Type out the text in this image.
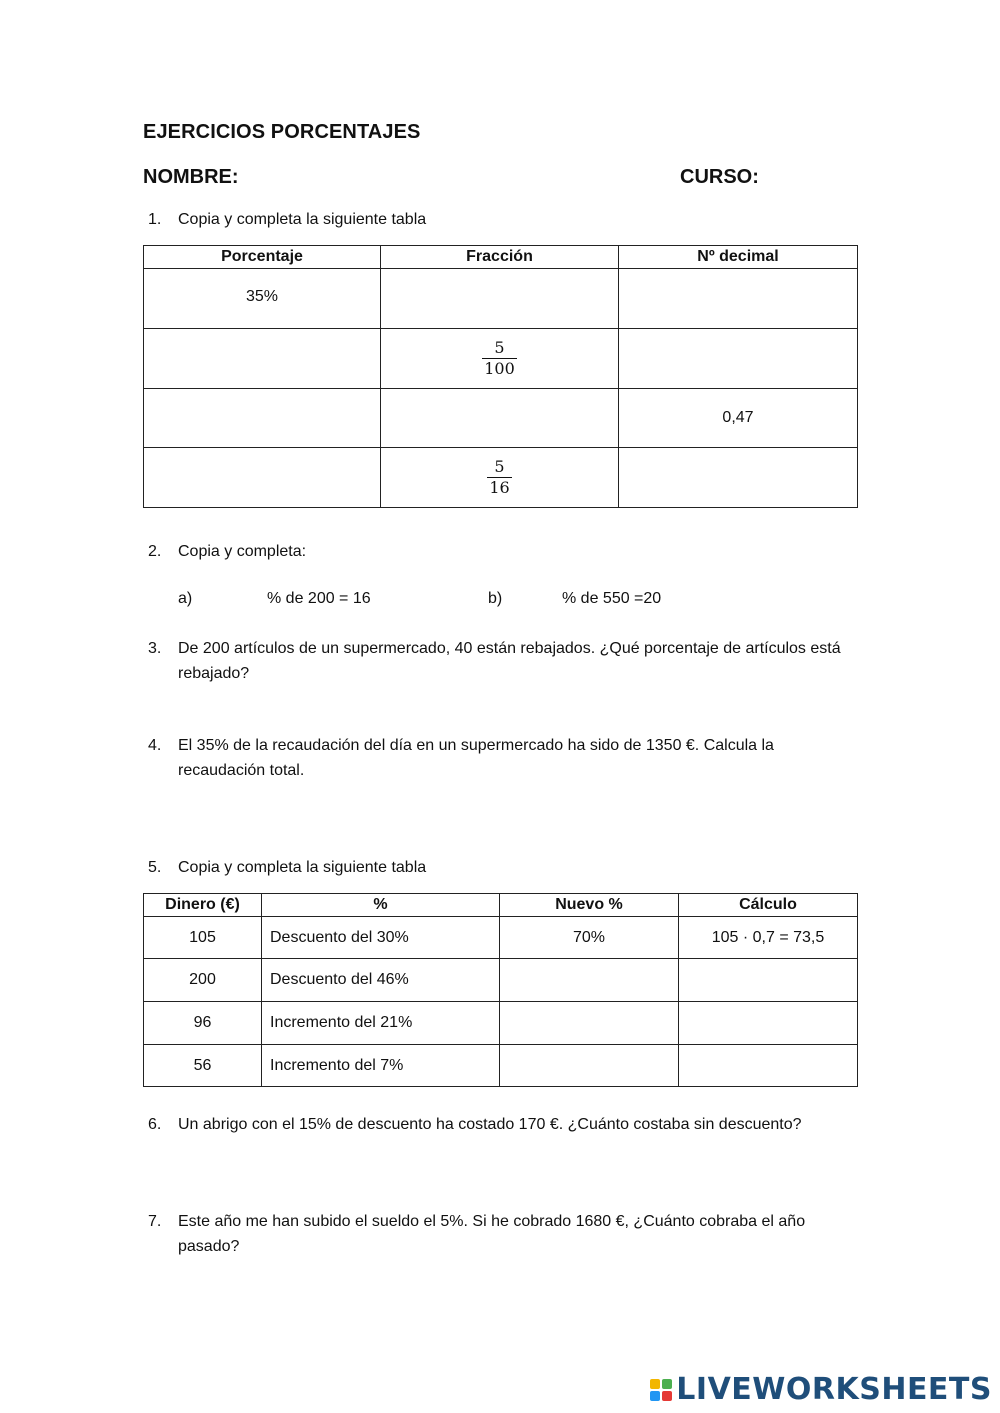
EJERCICIOS PORCENTAJES
NOMBRE:	CURSO:
1.	Copia y completa la siguiente tabla
Porcentaje	Fracción	Nº decimal
35%		

	$\frac{5}{100}$

		0,47

	$\frac{5}{16}$

2.	Copia y completa:
a)	% de 200 = 16	b)	% de 550 =20
3.	De 200 artículos de un supermercado, 40 están rebajados. ¿Qué porcentaje de artículos está rebajado?
4.	El 35% de la recaudación del día en un supermercado ha sido de 1350 €. Calcula la recaudación total.
5.	Copia y completa la siguiente tabla
Dinero (€)	%	Nuevo %	Cálculo
105	Descuento del 30%	70%	105 · 0,7 = 73,5
200	Descuento del 46%		
96	Incremento del 21%		
56	Incremento del 7%		
6.	Un abrigo con el 15% de descuento ha costado 170 €. ¿Cuánto costaba sin descuento?
7.	Este año me han subido el sueldo el 5%. Si he cobrado 1680 €, ¿Cuánto cobraba el año pasado?
LIVEWORKSHEETS
